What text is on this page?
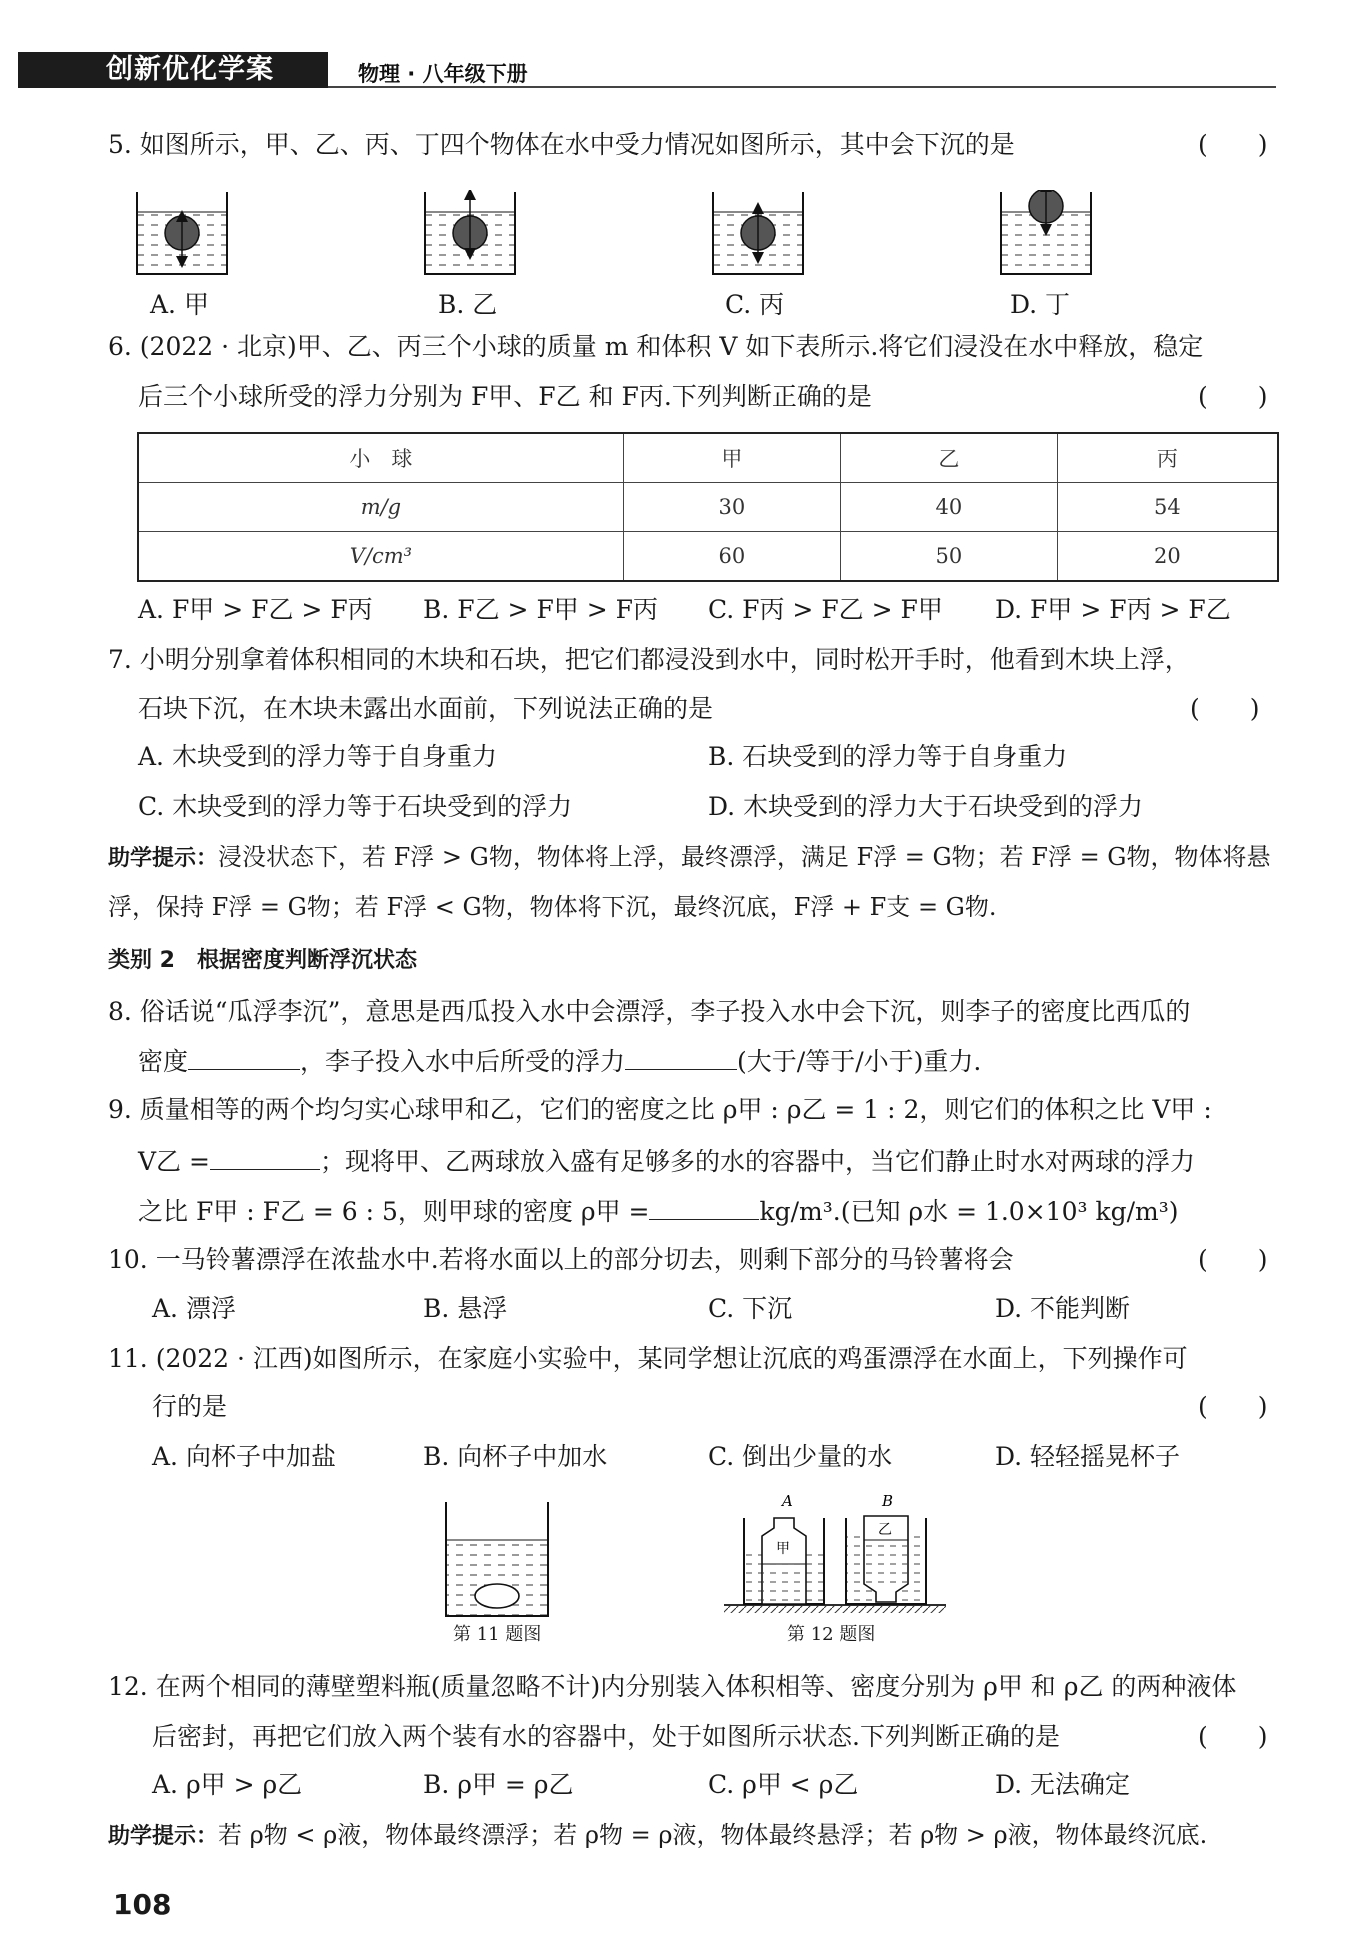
创新优化学案	物理 · 八年级下册
5. 如图所示，甲、乙、丙、丁四个物体在水中受力情况如图所示，其中会下沉的是	(　　)
A. 甲	B. 乙	C. 丙	D. 丁
6. (2022 · 北京)甲、乙、丙三个小球的质量 m 和体积 V 如下表所示.将它们浸没在水中释放，稳定
后三个小球所受的浮力分别为 F甲、F乙 和 F丙.下列判断正确的是	(　　)
小　球	甲	乙	丙
m/g	30	40	54
V/cm³	60	50	20
A. F甲 > F乙 > F丙 B. F乙 > F甲 > F丙 C. F丙 > F乙 > F甲 D. F甲 > F丙 > F乙
7. 小明分别拿着体积相同的木块和石块，把它们都浸没到水中，同时松开手时，他看到木块上浮，
石块下沉，在木块未露出水面前，下列说法正确的是	(　　)
A. 木块受到的浮力等于自身重力	B. 石块受到的浮力等于自身重力
C. 木块受到的浮力等于石块受到的浮力	D. 木块受到的浮力大于石块受到的浮力
助学提示：浸没状态下，若 F浮 > G物，物体将上浮，最终漂浮，满足 F浮 = G物；若 F浮 = G物，物体将悬
浮，保持 F浮 = G物；若 F浮 < G物，物体将下沉，最终沉底，F浮 + F支 = G物.
类别 2　根据密度判断浮沉状态
8. 俗话说“瓜浮李沉”，意思是西瓜投入水中会漂浮，李子投入水中会下沉，则李子的密度比西瓜的
密度	，李子投入水中后所受的浮力	(大于/等于/小于)重力.
9. 质量相等的两个均匀实心球甲和乙，它们的密度之比 ρ甲 : ρ乙 = 1 : 2，则它们的体积之比 V甲 :
V乙 =	；现将甲、乙两球放入盛有足够多的水的容器中，当它们静止时水对两球的浮力
之比 F甲 : F乙 = 6 : 5，则甲球的密度 ρ甲 =	kg/m³.(已知 ρ水 = 1.0×10³ kg/m³)
10. 一马铃薯漂浮在浓盐水中.若将水面以上的部分切去，则剩下部分的马铃薯将会	(　　)
A. 漂浮	B. 悬浮	C. 下沉	D. 不能判断
11. (2022 · 江西)如图所示，在家庭小实验中，某同学想让沉底的鸡蛋漂浮在水面上，下列操作可
行的是	(　　)
A. 向杯子中加盐	B. 向杯子中加水	C. 倒出少量的水	D. 轻轻摇晃杯子
第 11 题图
A	B
甲
乙
第 12 题图
12. 在两个相同的薄壁塑料瓶(质量忽略不计)内分别装入体积相等、密度分别为 ρ甲 和 ρ乙 的两种液体
后密封，再把它们放入两个装有水的容器中，处于如图所示状态.下列判断正确的是	(　　)
A. ρ甲 > ρ乙	B. ρ甲 = ρ乙	C. ρ甲 < ρ乙	D. 无法确定
助学提示：若 ρ物 < ρ液，物体最终漂浮；若 ρ物 = ρ液，物体最终悬浮；若 ρ物 > ρ液，物体最终沉底.
108
